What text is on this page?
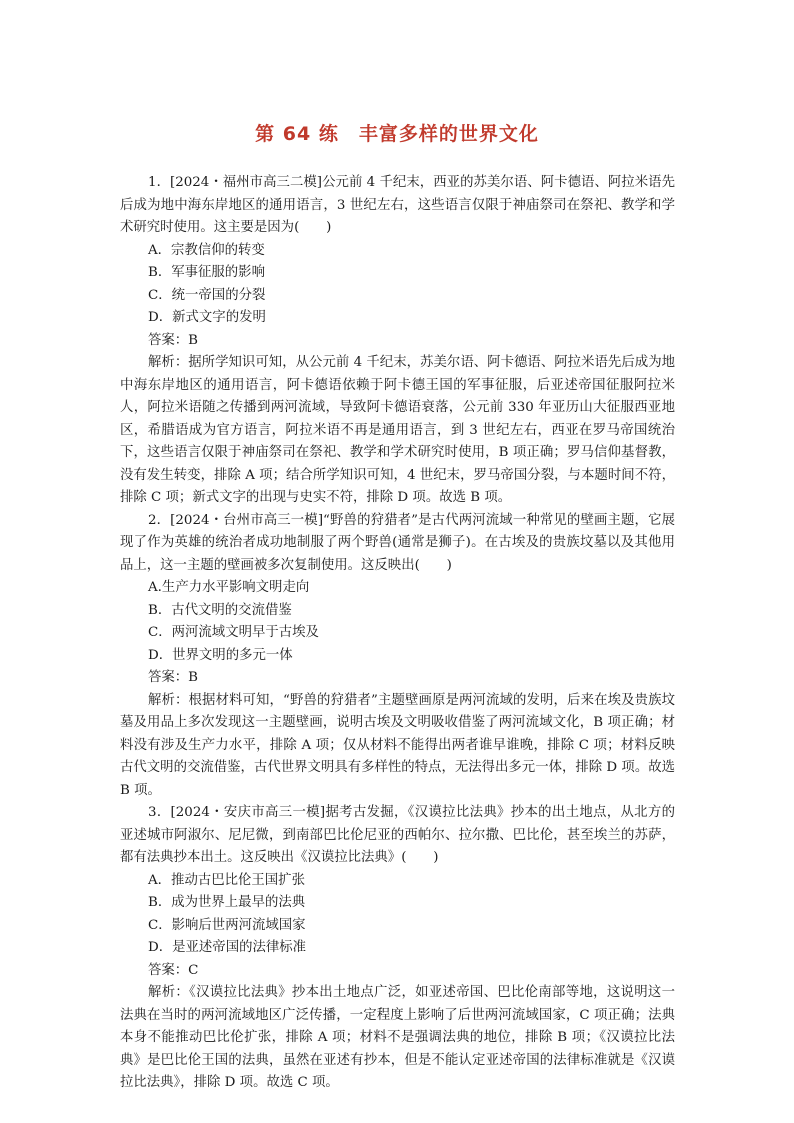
第 64 练　丰富多样的世界文化

1．[2024・福州市高三二模]公元前 4 千纪末，西亚的苏美尔语、阿卡德语、阿拉米语先后成为地中海东岸地区的通用语言，3 世纪左右，这些语言仅限于神庙祭司在祭祀、教学和学术研究时使用。这主要是因为(　　)

A．宗教信仰的转变

B．军事征服的影响

C．统一帝国的分裂

D．新式文字的发明

答案：B

解析：据所学知识可知，从公元前 4 千纪末，苏美尔语、阿卡德语、阿拉米语先后成为地中海东岸地区的通用语言，阿卡德语依赖于阿卡德王国的军事征服，后亚述帝国征服阿拉米人，阿拉米语随之传播到两河流域，导致阿卡德语衰落，公元前 330 年亚历山大征服西亚地区，希腊语成为官方语言，阿拉米语不再是通用语言，到 3 世纪左右，西亚在罗马帝国统治下，这些语言仅限于神庙祭司在祭祀、教学和学术研究时使用，B 项正确；罗马信仰基督教，没有发生转变，排除 A 项；结合所学知识可知，4 世纪末，罗马帝国分裂，与本题时间不符，排除 C 项；新式文字的出现与史实不符，排除 D 项。故选 B 项。

2．[2024・台州市高三一模]“野兽的狩猎者”是古代两河流域一种常见的壁画主题，它展现了作为英雄的统治者成功地制服了两个野兽(通常是狮子)。在古埃及的贵族坟墓以及其他用品上，这一主题的壁画被多次复制使用。这反映出(　　)

A.生产力水平影响文明走向

B．古代文明的交流借鉴

C．两河流域文明早于古埃及

D．世界文明的多元一体

答案：B

解析：根据材料可知，“野兽的狩猎者”主题壁画原是两河流域的发明，后来在埃及贵族坟墓及用品上多次发现这一主题壁画，说明古埃及文明吸收借鉴了两河流域文化，B 项正确；材料没有涉及生产力水平，排除 A 项；仅从材料不能得出两者谁早谁晚，排除 C 项；材料反映古代文明的交流借鉴，古代世界文明具有多样性的特点，无法得出多元一体，排除 D 项。故选 B 项。

3．[2024・安庆市高三一模]据考古发掘，《汉谟拉比法典》抄本的出土地点，从北方的亚述城市阿淑尔、尼尼微，到南部巴比伦尼亚的西帕尔、拉尔撒、巴比伦，甚至埃兰的苏萨，都有法典抄本出土。这反映出《汉谟拉比法典》(　　)

A．推动古巴比伦王国扩张

B．成为世界上最早的法典

C．影响后世两河流域国家

D．是亚述帝国的法律标准

答案：C

解析：《汉谟拉比法典》抄本出土地点广泛，如亚述帝国、巴比伦南部等地，这说明这一法典在当时的两河流域地区广泛传播，一定程度上影响了后世两河流域国家，C 项正确；法典本身不能推动巴比伦扩张，排除 A 项；材料不是强调法典的地位，排除 B 项；《汉谟拉比法典》是巴比伦王国的法典，虽然在亚述有抄本，但是不能认定亚述帝国的法律标准就是《汉谟拉比法典》，排除 D 项。故选 C 项。
